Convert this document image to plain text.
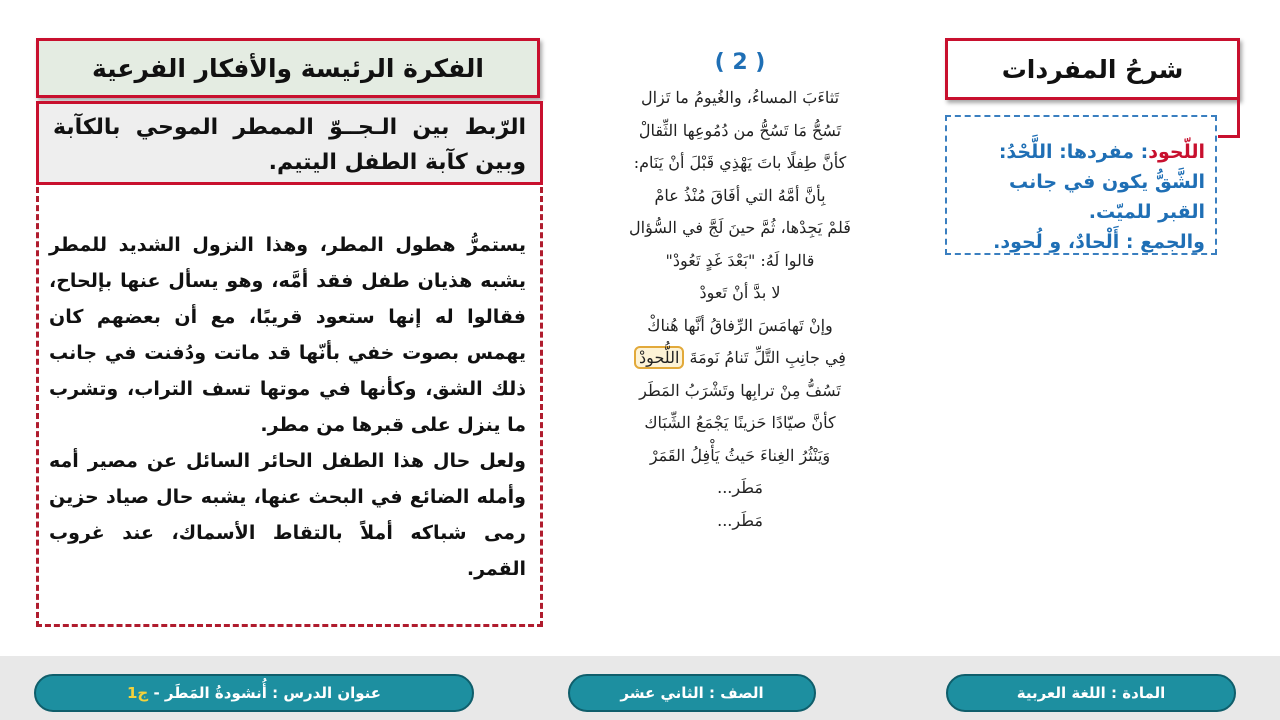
الفكرة الرئيسة والأفكار الفرعية
الرّبط بين الـجــوّ الممطر الموحي بالكآبة وبين كآبة الطفل اليتيم.

يستمرُّ هطول المطر، وهذا النزول الشديد للمطر يشبه هذيان طفل فقد أمَّه، وهو يسأل عنها بإلحاح، فقالوا له إنها ستعود قريبًا، مع أن بعضهم كان يهمس بصوت خفي بأنّها قد ماتت ودُفنت في جانب ذلك الشق، وكأنها في موتها تسف التراب، وتشرب ما ينزل على قبرها من مطر.

ولعل حال هذا الطفل الحائر السائل عن مصير أمه وأمله الضائع في البحث عنها، يشبه حال صياد حزين رمى شباكه أملاً بالتقاط الأسماك، عند غروب القمر.

( 2 )
تَثاءَبَ المساءُ، والغُيومُ ما تَزال
تَسُحُّ مَا تَسُحُّ من دُمُوعِها الثِّقالْ
كأنَّ طِفلًا باتَ يَهْذِي قَبْلَ أنْ يَنَام:
بِأنَّ أمَّهُ التي أفَاقَ مُنْذُ عامْ
فَلمْ يَجِدْها، ثُمَّ حينَ لَجَّ في السُّؤال
قالوا لَهُ: "بَعْدَ غَدٍ تَعُودْ"
لا بدَّ أنْ تَعودْ
وإنْ تَهامَسَ الرِّفاقُ أنَّها هُناكْ
فِي جانِبِ التَّلِّ تَنامُ نَومَةَ اللُّحودْ
تَسُفُّ مِنْ ترابِها وتَشْرَبُ المَطَر
كأنَّ صيّادًا حَزينًا يَجْمَعُ الشِّبَاك
وَيَنْثُرُ الغِناءَ حَيثُ يَأْفِلُ القَمَرْ
مَطَر...
مَطَر...
شرحُ المفردات
اللّحود: مفردها: اللَّحْدُ: الشَّقُّ يكون في جانب القبر للميّت.
والجمع : أَلْحادٌ، و لُحود.
عنوان الدرس : أُنشودةُ المَطَر -

ج1	الصف : الثاني عشر	المادة : اللغة العربية
